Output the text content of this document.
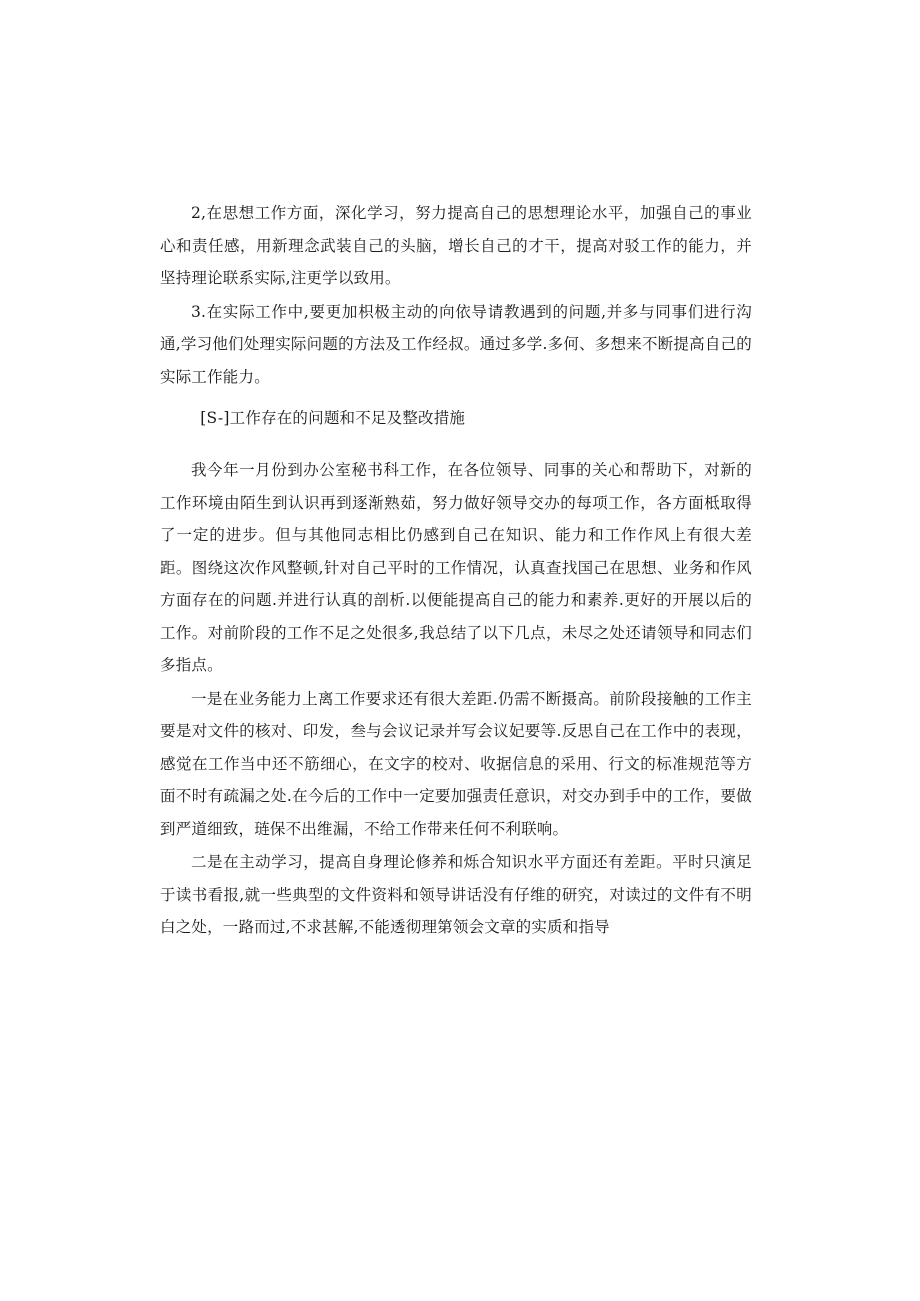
2,在思想工作方面，深化学习，努力提高自己的思想理论水平，加强自己的事业心和责任感，用新理念武装自己的头脑，增长自己的才干，提高对驳工作的能力，并坚持理论联系实际,注更学以致用。

3.在实际工作中,要更加枳极主动的向依导请教遇到的问题,并多与同事们进行沟通,学习他们处理实际问题的方法及工作经叔。通过多学.多何、多想来不断提高自己的实际工作能力。

[S-]工作存在的问题和不足及整改措施

我今年一月份到办公室秘书科工作，在各位领导、同事的关心和帮助下，对新的工作环境由陌生到认识再到逐渐熟茹，努力做好领导交办的每项工作，各方面柢取得了一定的进步。但与其他同志相比仍感到自己在知识、能力和工作作风上有很大差距。图绕这次作风整顿,针对自己平时的工作情况，认真查找国己在思想、业务和作风方面存在的问题.并进行认真的剖析.以便能提高自己的能力和素养.更好的开展以后的工作。对前阶段的工作不足之处很多,我总结了以下几点，未尽之处还请领导和同志们多指点。

一是在业务能力上离工作要求还有很大差距.仍需不断摄高。前阶段接触的工作主要是对文件的核对、印发，叁与会议记录并写会议妃要等.反思自己在工作中的表现，感觉在工作当中还不筋细心，在文字的校对、收据信息的采用、行文的标准规范等方面不时有疏漏之处.在今后的工作中一定要加强责任意识，对交办到手中的工作，要做到严道细致，琏保不出维漏，不给工作带来任何不利联响。

二是在主动学习，提高自身理论修养和烁合知识水平方面还有差距。平时只演足于读书看报,就一些典型的文件资料和领导讲话没有仔维的研究，对读过的文件有不明白之处，一路而过,不求甚解,不能透彻理第领会文章的实质和指导
